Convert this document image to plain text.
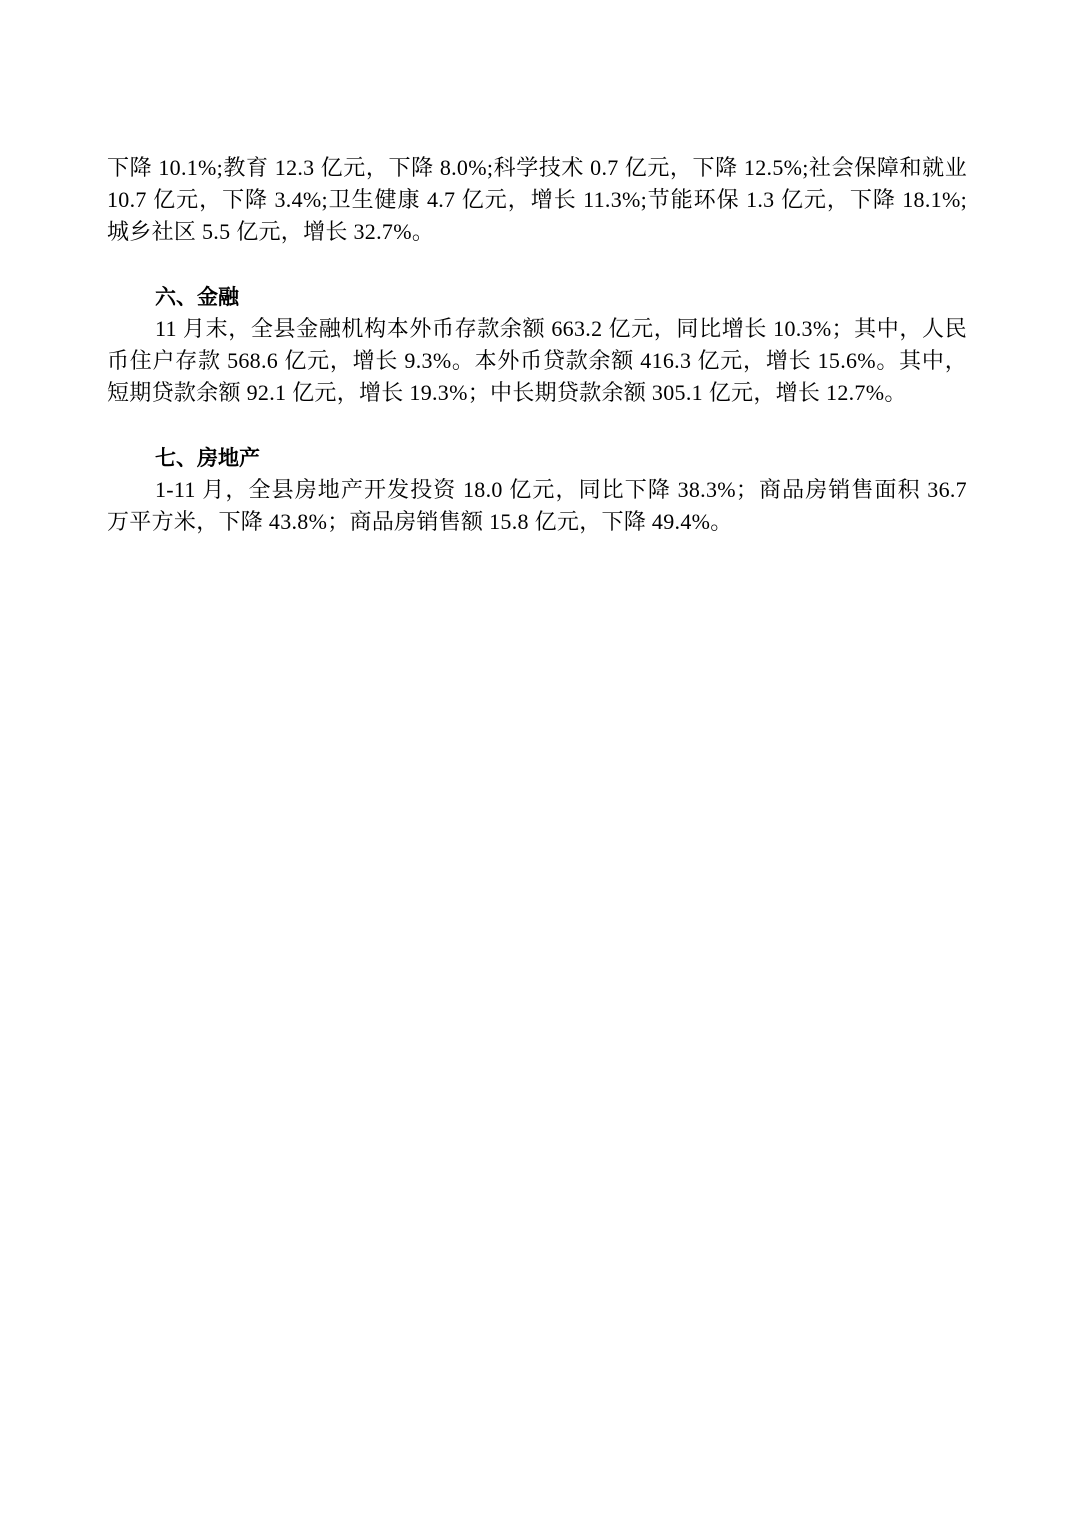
下降 10.1%;教育 12.3 亿元，下降 8.0%;科学技术 0.7 亿元，下降 12.5%;社会保障和就业 10.7 亿元，下降 3.4%;卫生健康 4.7 亿元，增长 11.3%;节能环保 1.3 亿元，下降 18.1%;城乡社区 5.5 亿元，增长 32.7%。

六、金融

11 月末，全县金融机构本外币存款余额 663.2 亿元，同比增长 10.3%；其中，人民币住户存款 568.6 亿元，增长 9.3%。本外币贷款余额 416.3 亿元，增长 15.6%。其中，短期贷款余额 92.1 亿元，增长 19.3%；中长期贷款余额 305.1 亿元，增长 12.7%。

七、房地产

1-11 月，全县房地产开发投资 18.0 亿元，同比下降 38.3%；商品房销售面积 36.7 万平方米，下降 43.8%；商品房销售额 15.8 亿元，下降 49.4%。
